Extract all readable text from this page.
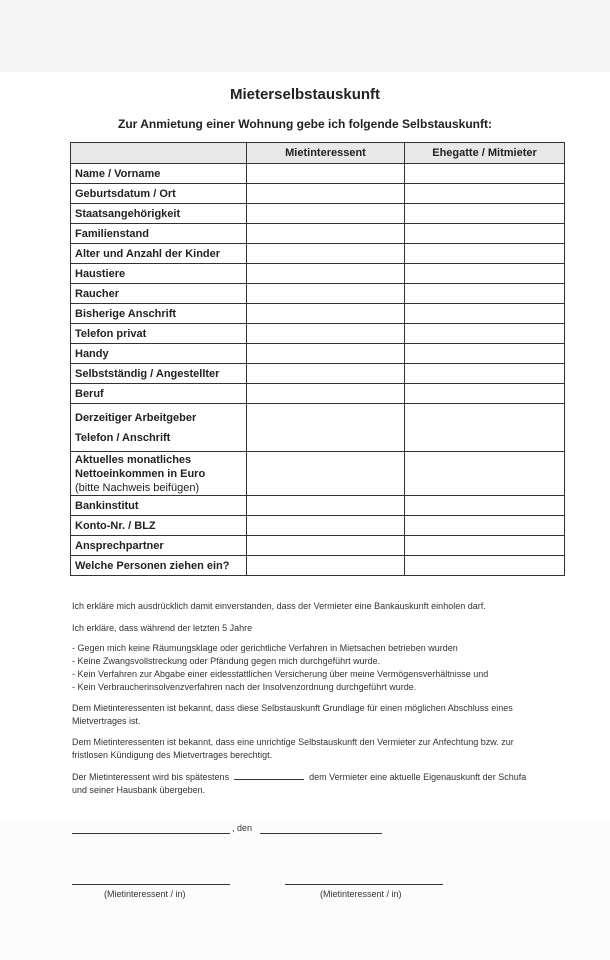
Mieterselbstauskunft
Zur Anmietung einer Wohnung gebe ich folgende Selbstauskunft:
	Mietinteressent	Ehegatte / Mitmieter

Name / Vorname		

Geburtsdatum / Ort		

Staatsangehörigkeit		

Familienstand		

Alter und Anzahl der Kinder		

Haustiere		

Raucher		

Bisherige Anschrift		

Telefon privat		

Handy		

Selbstständig / Angestellter		

Beruf		

Derzeitiger Arbeitgeber
Telefon / Anschrift		

Aktuelles monatliches
Nettoeinkommen in Euro
(bitte Nachweis beifügen)		

Bankinstitut		

Konto-Nr. / BLZ		

Ansprechpartner		

Welche Personen ziehen ein?		

Ich erkläre mich ausdrücklich damit einverstanden, dass der Vermieter eine Bankauskunft einholen darf.
Ich erkläre, dass während der letzten 5 Jahre
- Gegen mich keine Räumungsklage oder gerichtliche Verfahren in Mietsachen betrieben wurden
- Keine Zwangsvollstreckung oder Pfändung gegen mich durchgeführt wurde.
- Kein Verfahren zur Abgabe einer eidesstattlichen Versicherung über meine Vermögensverhältnisse und
- Kein Verbraucherinsolvenzverfahren nach der Insolvenzordnung durchgeführt wurde.
Dem Mietinteressenten ist bekannt, dass diese Selbstauskunft Grundlage für einen möglichen Abschluss eines Mietvertrages ist.
Dem Mietinteressenten ist bekannt, dass eine unrichtige Selbstauskunft den Vermieter zur Anfechtung bzw. zur fristlosen Kündigung des Mietvertrages berechtigt.
Der Mietinteressent wird bis spätestens	dem Vermieter eine aktuelle Eigenauskunft der Schufa
und seiner Hausbank übergeben.
, den
(Mietinteressent / in)	(Mietinteressent / in)
